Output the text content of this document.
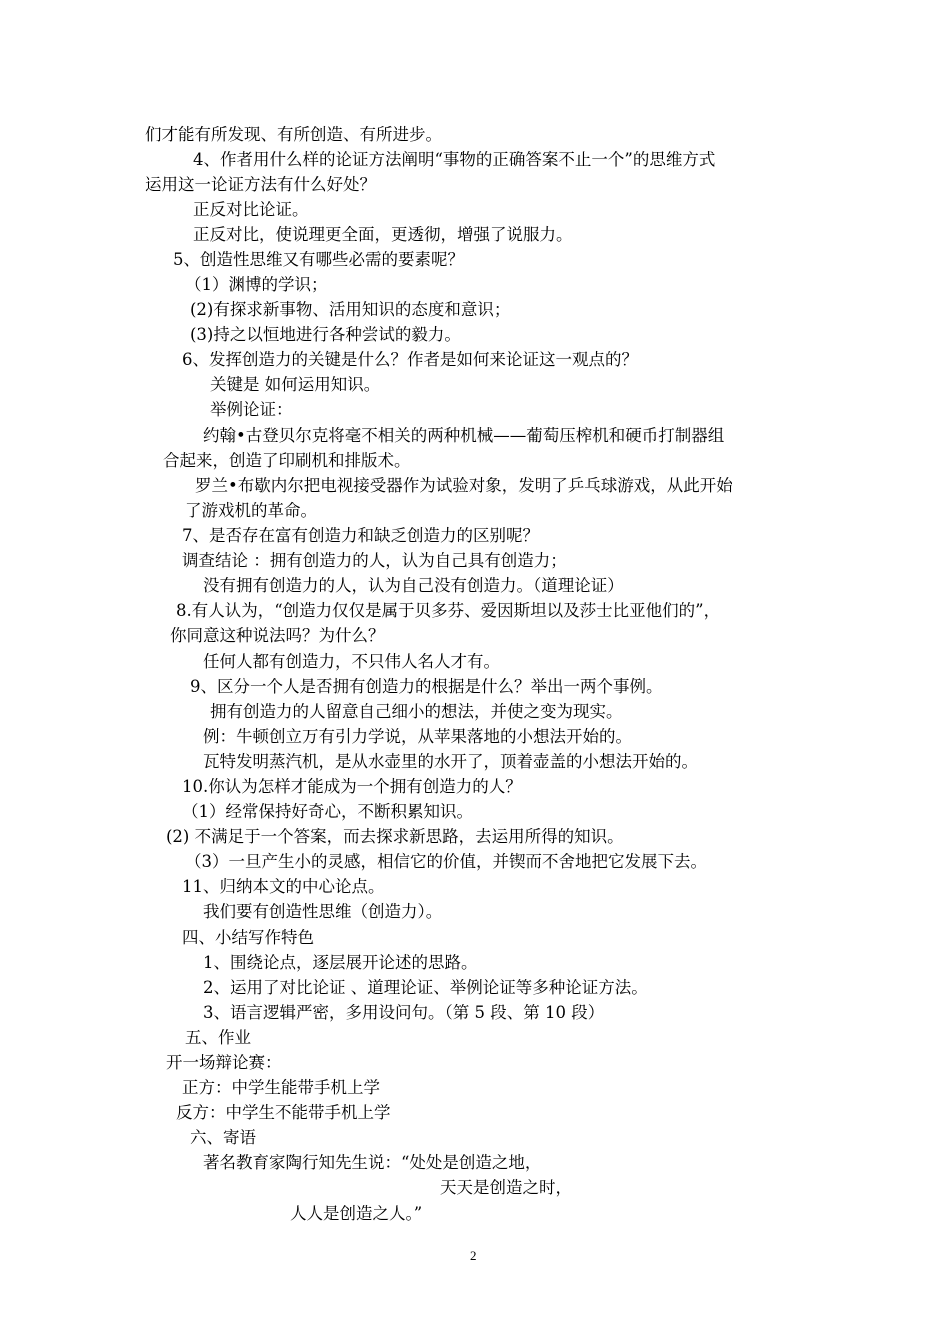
们才能有所发现、有所创造、有所进步。
4、作者用什么样的论证方法阐明“事物的正确答案不止一个”的思维方式
运用这一论证方法有什么好处？
正反对比论证。
正反对比，使说理更全面，更透彻，增强了说服力。
5、创造性思维又有哪些必需的要素呢？
（1）渊博的学识；
(2)有探求新事物、活用知识的态度和意识；
(3)持之以恒地进行各种尝试的毅力。
6、发挥创造力的关键是什么？作者是如何来论证这一观点的？
关键是 如何运用知识。
举例论证：
约翰•古登贝尔克将毫不相关的两种机械——葡萄压榨机和硬币打制器组
合起来，创造了印刷机和排版术。
罗兰•布歇内尔把电视接受器作为试验对象，发明了乒乓球游戏，从此开始
了游戏机的革命。
7、是否存在富有创造力和缺乏创造力的区别呢？
调查结论 ：拥有创造力的人，认为自己具有创造力；
没有拥有创造力的人，认为自己没有创造力。（道理论证）
8.有人认为，“创造力仅仅是属于贝多芬、爱因斯坦以及莎士比亚他们的”，
你同意这种说法吗？为什么？
任何人都有创造力，不只伟人名人才有。
9、区分一个人是否拥有创造力的根据是什么？举出一两个事例。
拥有创造力的人留意自己细小的想法，并使之变为现实。
例：牛顿创立万有引力学说，从苹果落地的小想法开始的。
瓦特发明蒸汽机，是从水壶里的水开了，顶着壶盖的小想法开始的。
10.你认为怎样才能成为一个拥有创造力的人？
（1）经常保持好奇心，不断积累知识。
(2) 不满足于一个答案，而去探求新思路，去运用所得的知识。
（3）一旦产生小的灵感，相信它的价值，并锲而不舍地把它发展下去。
11、归纳本文的中心论点。
我们要有创造性思维（创造力）。
四、小结写作特色
1、围绕论点，逐层展开论述的思路。
2、运用了对比论证 、道理论证、举例论证等多种论证方法。
3、语言逻辑严密，多用设问句。（第 5 段、第 10 段）
五、作业
开一场辩论赛：
正方：中学生能带手机上学
反方：中学生不能带手机上学
六、寄语
著名教育家陶行知先生说：“处处是创造之地，
天天是创造之时，
人人是创造之人。”
2
